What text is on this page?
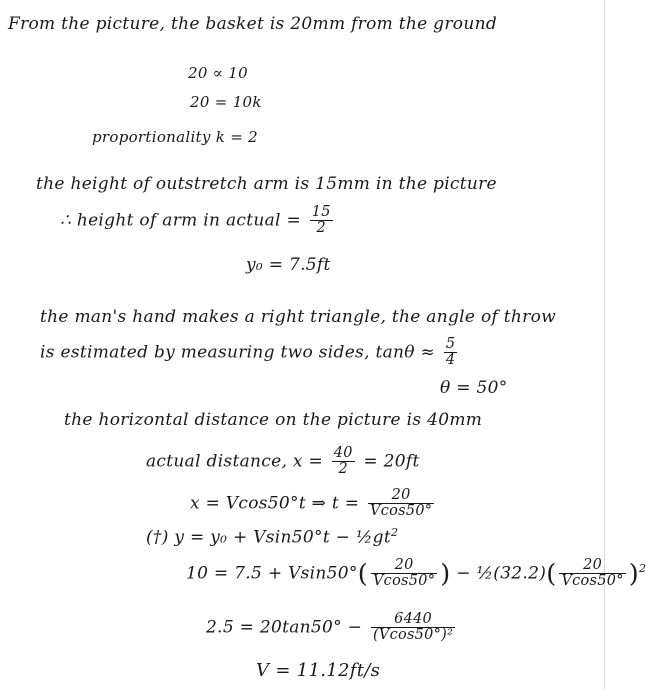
From the picture, the basket is 20mm from the ground
20 ∝ 10
20 = 10k
proportionality k = 2
the height of outstretch arm is 15mm in the picture
∴ height of arm in actual = $\frac{15}{2}$
y₀ = 7.5ft
the man's hand makes a right triangle, the angle of throw
is estimated by measuring two sides, $\tan\theta \approx \frac{5}{4}$
θ = 50°
the horizontal distance on the picture is 40mm
actual distance, $x = \frac{40}{2} = 20ft$
x = Vcos50°t ⇒ $t = \frac{20}{Vcos50^\circ}$
(†) $y = y_0 + Vsin50^\circ t - \frac{1}{2}gt^2$
$10 = 7.5 + Vsin50^\circ( \frac{20}{Vcos50^\circ}$ ) − ½(32.2)( $\frac{20}{Vcos50^\circ} )^2$
$2.5 = 20\tan 50^\circ - \frac{6440}{\text{(Vcos50°)²}}$
V = 11.12ft/s
